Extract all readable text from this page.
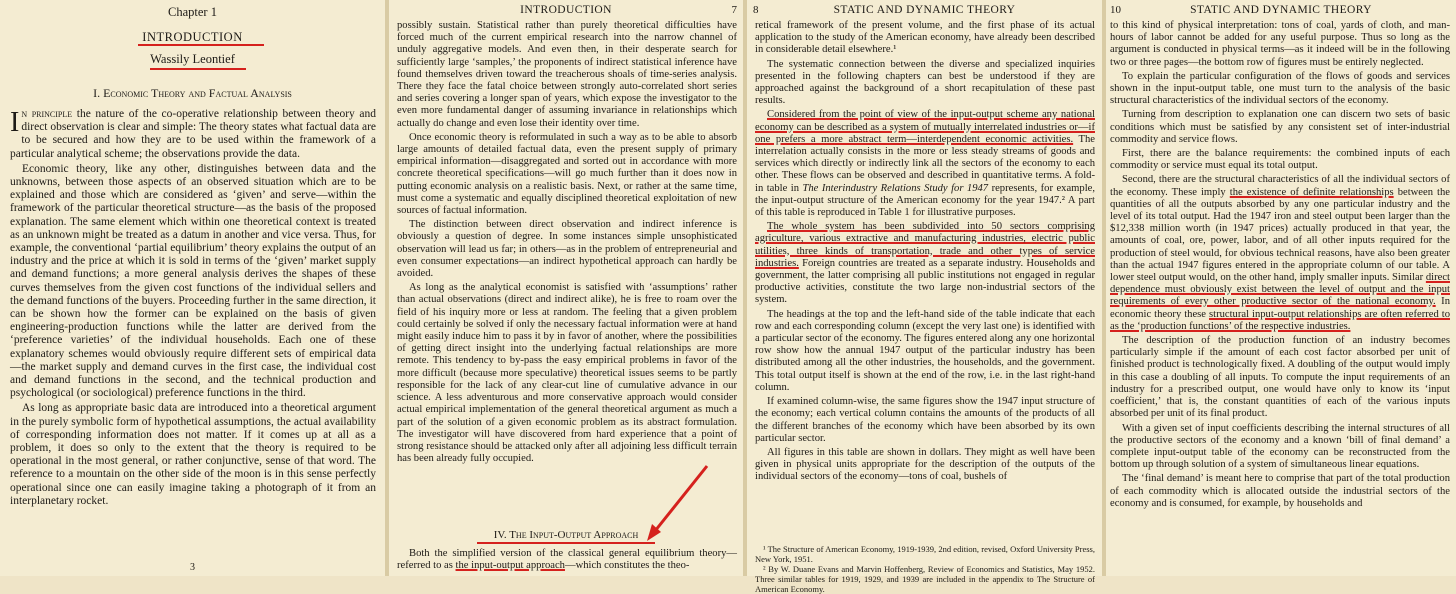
Chapter 1
INTRODUCTION
Wassily Leontief
I. Economic Theory and Factual Analysis

In principle the nature of the co-operative relationship between theory and direct observation is clear and simple: The theory states what factual data are to be secured and how they are to be used within the framework of a particular analytical scheme; the observations provide the data.

Economic theory, like any other, distinguishes between data and the unknowns, between those aspects of an observed situation which are to be explained and those which are considered as ‘given’ and serve—within the framework of the particular theoretical structure—as the basis of the proposed explanation. The same element which within one theoretical context is treated as an unknown might be treated as a datum in another and vice versa. Thus, for example, the conventional ‘partial equilibrium’ theory explains the output of an industry and the price at which it is sold in terms of the ‘given’ market supply and demand functions; a more general analysis derives the shapes of these curves themselves from the given cost functions of the individual sellers and the demand functions of the buyers. Proceeding further in the same direction, it can be shown how the former can be explained on the basis of given engineering-production functions while the latter are derived from the ‘preference varieties’ of the individual households. Each one of these explanatory schemes would obviously require different sets of empirical data—the market supply and demand curves in the first case, the individual cost and demand functions in the second, and the technical production and psychological (or sociological) preference functions in the third.

As long as appropriate basic data are introduced into a theoretical argument in the purely symbolic form of hypothetical assumptions, the actual availability of corresponding information does not matter. If it comes up at all as a problem, it does so only to the extent that the theory is required to be operational in the most general, or rather conjunctive, sense of that word. The reference to a mountain on the other side of the moon is in this sense perfectly operational since one can easily imagine taking a photograph of it from an interplanetary rocket.

3
INTRODUCTION	7

possibly sustain. Statistical rather than purely theoretical difficulties have forced much of the current empirical research into the narrow channel of unduly aggregative models. And even then, in their desperate search for sufficiently large ‘samples,’ the proponents of indirect statistical inference have found themselves driven toward the treacherous shoals of time-series analysis. There they face the fatal choice between strongly auto-correlated short series and series covering a longer span of years, which expose the investigator to the even more fundamental danger of assuming invariance in relationships which actually do change and even lose their identity over time.

Once economic theory is reformulated in such a way as to be able to absorb large amounts of detailed factual data, even the present supply of primary empirical information—disaggregated and sorted out in accordance with more concrete theoretical specifications—will go much further than it does now in putting economic analysis on a realistic basis. Next, or rather at the same time, must come a systematic and equally disciplined theoretical exploitation of new sources of factual information.

The distinction between direct observation and indirect inference is obviously a question of degree. In some instances simple unsophisticated observation will lead us far; in others—as in the problem of entrepreneurial and even consumer expectations—an indirect hypothetical approach can hardly be avoided.

As long as the analytical economist is satisfied with ‘assumptions’ rather than actual observations (direct and indirect alike), he is free to roam over the field of his inquiry more or less at random. The feeling that a given problem could certainly be solved if only the necessary factual information were at hand might easily induce him to pass it by in favor of another, where the possibilities of getting direct insight into the underlying factual relationships are more remote. This tendency to by-pass the easy empirical problems in favor of the more difficult (because more speculative) theoretical issues seems to be partly responsible for the lack of any clear-cut line of cumulative advance in our science. A less adventurous and more conservative approach would consider actual empirical implementation of the general theoretical argument as much a part of the solution of a given economic problem as its abstract formulation. The investigator will have discovered from hard experience that a point of strong resistance should be attacked only after all adjoining less difficult terrain has been already fully occupied.

IV. The Input-Output Approach

Both the simplified version of the classical general equilibrium theory—referred to as the input-output approach—which constitutes the theo-

8	STATIC AND DYNAMIC THEORY

retical framework of the present volume, and the first phase of its actual application to the study of the American economy, have already been described in considerable detail elsewhere.¹

The systematic connection between the diverse and specialized inquiries presented in the following chapters can best be understood if they are approached against the background of a short recapitulation of these past results.

Considered from the point of view of the input-output scheme any national economy can be described as a system of mutually interrelated industries or—if one prefers a more abstract term—interdependent economic activities. The interrelation actually consists in the more or less steady streams of goods and services which directly or indirectly link all the sectors of the economy to each other. These flows can be observed and described in quantitative terms. A fold-in table in The Interindustry Relations Study for 1947 represents, for example, the input-output structure of the American economy for the year 1947.² A part of this table is reproduced in Table 1 for illustrative purposes.

The whole system has been subdivided into 50 sectors comprising agriculture, various extractive and manufacturing industries, electric public utilities, three kinds of transportation, trade and other types of service industries. Foreign countries are treated as a separate industry. Households and government, the latter comprising all public institutions not engaged in regular productive activities, constitute the two large non-industrial sectors of the system.

The headings at the top and the left-hand side of the table indicate that each row and each corresponding column (except the very last one) is identified with a particular sector of the economy. The figures entered along any one horizontal row show how the annual 1947 output of the particular industry has been distributed among all the other industries, the households, and the government. This total output itself is shown at the end of the row, i.e. in the last right-hand column.

If examined column-wise, the same figures show the 1947 input structure of the economy; each vertical column contains the amounts of the products of all the different branches of the economy which have been absorbed by its own particular sector.

All figures in this table are shown in dollars. They might as well have been given in physical units appropriate for the description of the outputs of the individual sectors of the economy—tons of coal, bushels of

¹ The Structure of American Economy, 1919-1939, 2nd edition, revised, Oxford University Press, New York, 1951.

² By W. Duane Evans and Marvin Hoffenberg, Review of Economics and Statistics, May 1952. Three similar tables for 1919, 1929, and 1939 are included in the appendix to The Structure of American Economy.

10	STATIC AND DYNAMIC THEORY

to this kind of physical interpretation: tons of coal, yards of cloth, and man-hours of labor cannot be added for any useful purpose. Thus so long as the argument is conducted in physical terms—as it indeed will be in the following two or three pages—the bottom row of figures must be entirely neglected.

To explain the particular configuration of the flows of goods and services shown in the input-output table, one must turn to the analysis of the basic structural characteristics of the individual sectors of the economy.

Turning from description to explanation one can discern two sets of basic conditions which must be satisfied by any consistent set of inter-industrial commodity and service flows.

First, there are the balance requirements: the combined inputs of each commodity or service must equal its total output.

Second, there are the structural characteristics of all the individual sectors of the economy. These imply the existence of definite relationships between the quantities of all the outputs absorbed by any one particular industry and the level of its total output. Had the 1947 iron and steel output been larger than the $12,338 million worth (in 1947 prices) actually produced in that year, the amounts of coal, ore, power, labor, and of all other inputs required for the production of steel would, for obvious technical reasons, have also been greater than the actual 1947 figures entered in the appropriate column of our table. A lower steel output would, on the other hand, imply smaller inputs. Similar direct dependence must obviously exist between the level of output and the input requirements of every other productive sector of the national economy. In economic theory these structural input-output relationships are often referred to as the ‘production functions’ of the respective industries.

The description of the production function of an industry becomes particularly simple if the amount of each cost factor absorbed per unit of finished product is technologically fixed. A doubling of the output would imply in this case a doubling of all inputs. To compute the input requirements of an industry for a prescribed output, one would have only to know its ‘input coefficient,’ that is, the constant quantities of each of the various inputs absorbed per unit of its final product.

With a given set of input coefficients describing the internal structures of all the productive sectors of the economy and a known ‘bill of final demand’ a complete input-output table of the economy can be reconstructed from the bottom up through solution of a system of simultaneous linear equations.

The ‘final demand’ is meant here to comprise that part of the total production of each commodity which is allocated outside the industrial sectors of the economy and is consumed, for example, by households and
